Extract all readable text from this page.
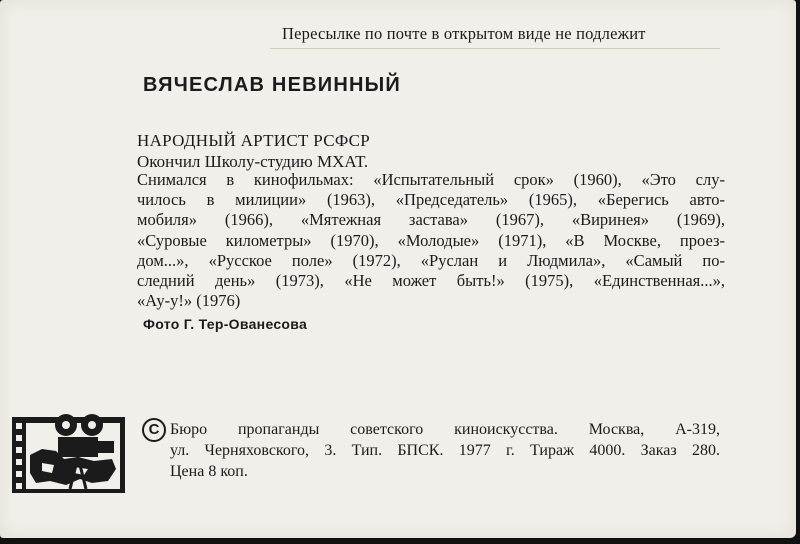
Пересылке по почте в открытом виде не подлежит
ВЯЧЕСЛАВ НЕВИННЫЙ
НАРОДНЫЙ АРТИСТ РСФСР
Окончил Школу-студию МХАТ.
Снимался в кинофильмах: «Испытательный срок» (1960), «Это слу-
чилось в милиции» (1963), «Председатель» (1965), «Берегись авто-
мобиля» (1966), «Мятежная застава» (1967), «Виринея» (1969),
«Суровые километры» (1970), «Молодые» (1971), «В Москве, проез-
дом...», «Русское поле» (1972), «Руслан и Людмила», «Самый по-
следний день» (1973), «Не может быть!» (1975), «Единственная...»,
«Ау-у!» (1976)
Фото Г. Тер-Ованесова
C Бюро пропаганды советского киноискусства. Москва, А-319,
ул. Черняховского, 3. Тип. БПСК. 1977 г. Тираж 4000. Заказ 280.
Цена 8 коп.
